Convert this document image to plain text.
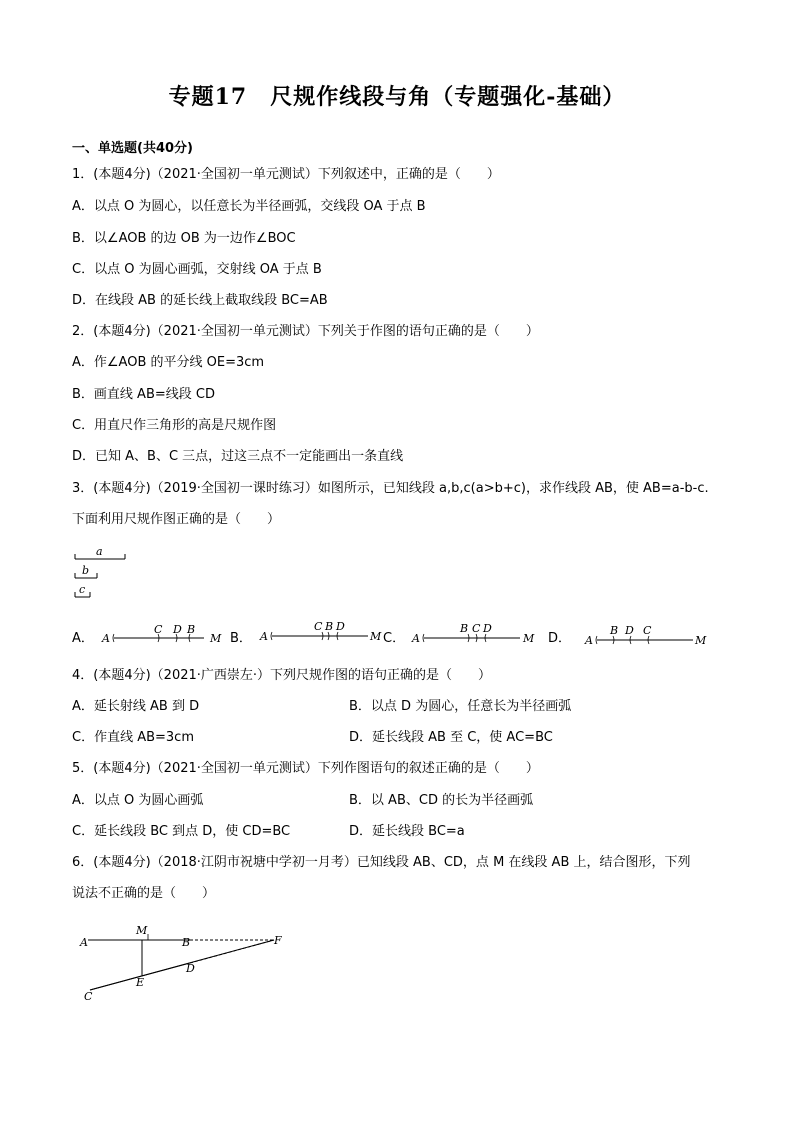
专题17　尺规作线段与角（专题强化-基础）
一、单选题(共40分)
1．(本题4分)（2021·全国初一单元测试）下列叙述中，正确的是（　　）
A．以点 O 为圆心，以任意长为半径画弧，交线段 OA 于点 B
B．以∠AOB 的边 OB 为一边作∠BOC
C．以点 O 为圆心画弧，交射线 OA 于点 B
D．在线段 AB 的延长线上截取线段 BC=AB
2．(本题4分)（2021·全国初一单元测试）下列关于作图的语句正确的是（　　）
A．作∠AOB 的平分线 OE=3cm
B．画直线 AB=线段 CD
C．用直尺作三角形的高是尺规作图
D．已知 A、B、C 三点，过这三点不一定能画出一条直线
3．(本题4分)（2019·全国初一课时练习）如图所示，已知线段 a,b,c(a>b+c)，求作线段 AB，使 AB=a-b-c.
下面利用尺规作图正确的是（　　）
a
b
c
A． A
C D B
M B． A
C B D
M C． A
B C D
M D． A
B D C
M
4．(本题4分)（2021·广西崇左·）下列尺规作图的语句正确的是（　　）
A．延长射线 AB 到 D	B．以点 D 为圆心，任意长为半径画弧
C．作直线 AB=3cm	D．延长线段 AB 至 C，使 AC=BC
5．(本题4分)（2021·全国初一单元测试）下列作图语句的叙述正确的是（　　）
A．以点 O 为圆心画弧	B．以 AB、CD 的长为半径画弧
C．延长线段 BC 到点 D，使 CD=BC	D．延长线段 BC=a
6．(本题4分)（2018·江阴市祝塘中学初一月考）已知线段 AB、CD，点 M 在线段 AB 上，结合图形，下列
说法不正确的是（　　）
A
M
B	F
D
E
C
